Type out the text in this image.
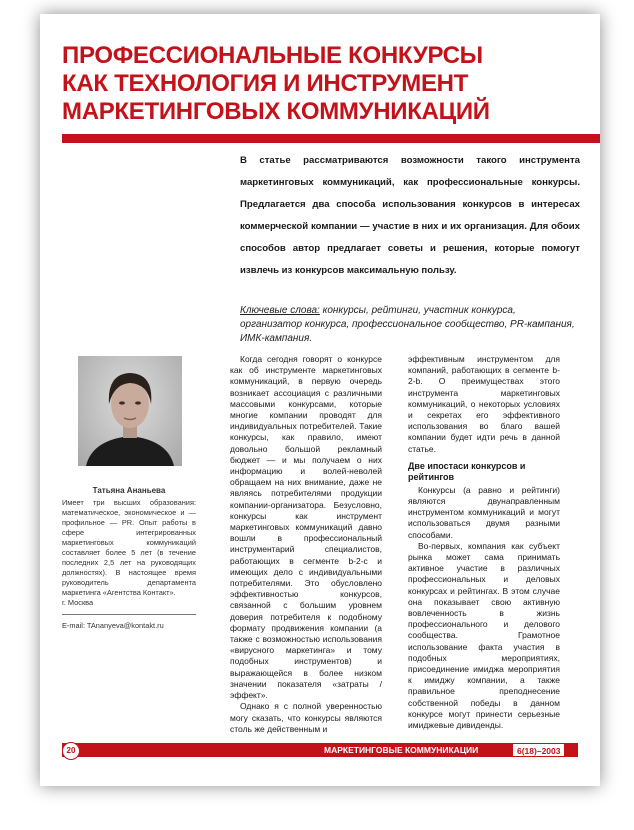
ПРОФЕССИОНАЛЬНЫЕ КОНКУРСЫ
КАК ТЕХНОЛОГИЯ И ИНСТРУМЕНТ
МАРКЕТИНГОВЫХ КОММУНИКАЦИЙ

В статье рассматриваются возможности такого инструмента маркетинговых коммуникаций, как профессиональные конкурсы. Предлагается два способа использования конкурсов в интересах коммерческой компании — участие в них и их организация. Для обоих способов автор предлагает советы и решения, которые помогут извлечь из конкурсов максимальную пользу.

Ключевые слова: конкурсы, рейтинги, участник конкурса, организатор конкурса, профессиональное сообщество, PR-кампания, ИМК-кампания.

Татьяна Ананьева

Имеет три высших образования: математическое, экономическое и — профильное — PR. Опыт работы в сфере интегрированных маркетинговых коммуникаций составляет более 5 лет (в течение последних 2,5 лет на руководящих должностях). В настоящее время руководитель департамента маркетинга «Агентства Контакт».

г. Москва

E-mail: TAnanyeva@kontakt.ru

Когда сегодня говорят о конкурсе как об инструменте маркетинговых коммуникаций, в первую очередь возникает ассоциация с различными массовыми конкурсами, которые многие компании проводят для индивидуальных потребителей. Такие конкурсы, как правило, имеют довольно большой рекламный бюджет — и мы получаем о них информацию и волей-неволей обращаем на них внимание, даже не являясь потребителями продукции компании-организатора. Безусловно, конкурсы как инструмент маркетинговых коммуникаций давно вошли в профессиональный инструментарий специалистов, работающих в сегменте b-2-c и имеющих дело с индивидуальными потребителями. Это обусловлено эффективностью конкурсов, связанной с большим уровнем доверия потребителя к подобному формату продвижения компании (а также с возможностью использования «вирусного маркетинга» и тому подобных инструментов) и выражающейся в более низком значении показателя «затраты / эффект».

Однако я с полной уверенностью могу сказать, что конкурсы являются столь же действенным и

эффективным инструментом для компаний, работающих в сегменте b-2-b. О преимуществах этого инструмента маркетинговых коммуникаций, о некоторых условиях и секретах его эффективного использования во благо вашей компании будет идти речь в данной статье.

Две ипостаси конкурсов и рейтингов

Конкурсы (а равно и рейтинги) являются двунаправленным инструментом коммуникаций и могут использоваться двумя разными способами.

Во-первых, компания как субъект рынка может сама принимать активное участие в различных профессиональных и деловых конкурсах и рейтингах. В этом случае она показывает свою активную вовлеченность в жизнь профессионального и делового сообщества. Грамотное использование факта участия в подобных мероприятиях, присоединение имиджа мероприятия к имиджу компании, а также правильное преподнесение собственной победы в данном конкурсе могут принести серьезные имиджевые дивиденды.

20	МАРКЕТИНГОВЫЕ КОММУНИКАЦИИ	6(18)–2003
